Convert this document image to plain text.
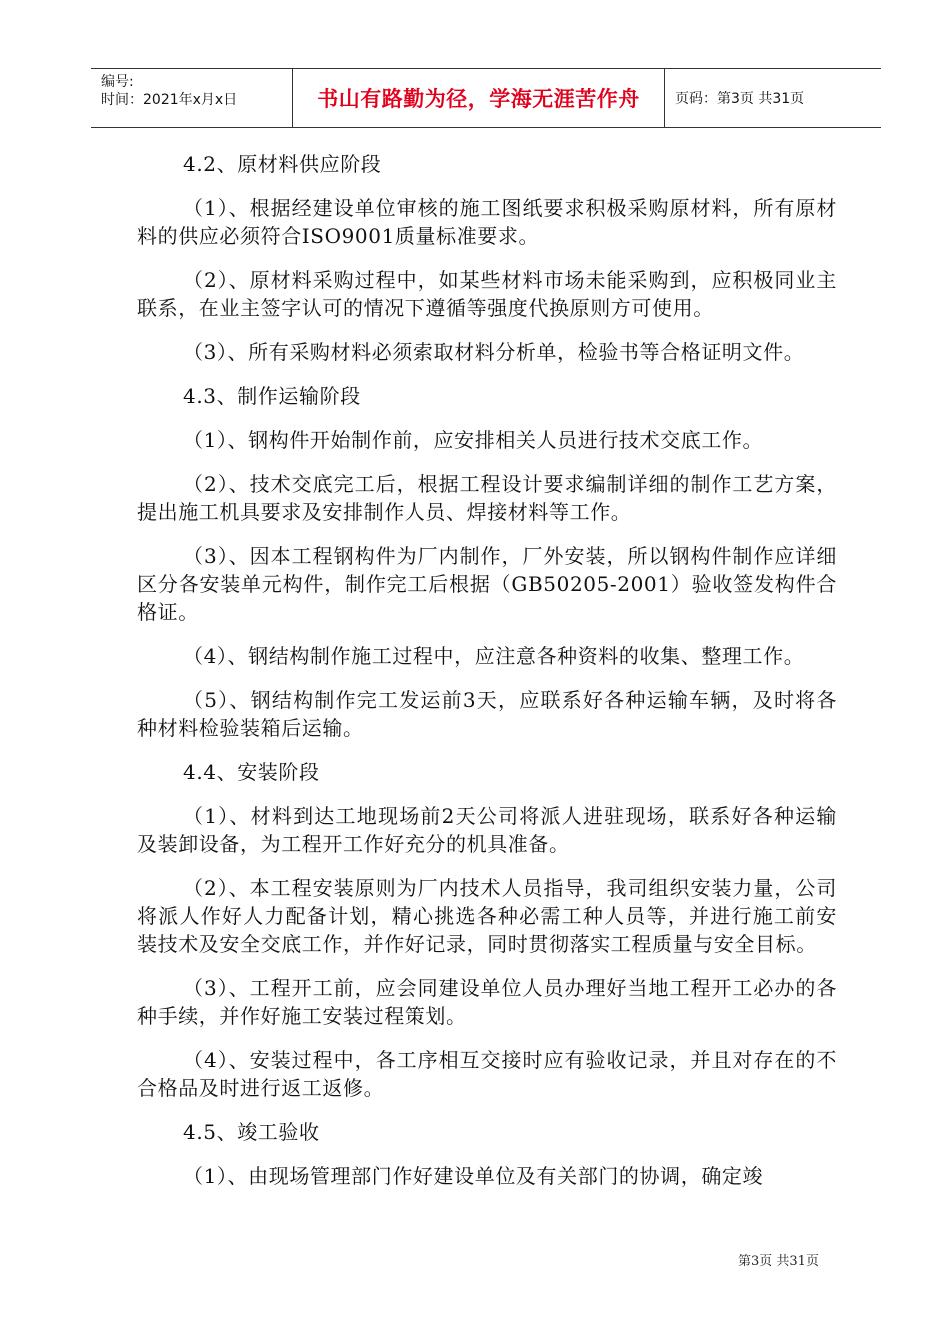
编号:
时间：2021年x月x日	书山有路勤为径，学海无涯苦作舟	页码：第3页 共31页

4.2、原材料供应阶段

（1）、根据经建设单位审核的施工图纸要求积极采购原材料，所有原材料的供应必须符合ISO9001质量标准要求。

（2）、原材料采购过程中，如某些材料市场未能采购到，应积极同业主联系，在业主签字认可的情况下遵循等强度代换原则方可使用。

（3）、所有采购材料必须索取材料分析单，检验书等合格证明文件。

4.3、制作运输阶段

（1）、钢构件开始制作前，应安排相关人员进行技术交底工作。

（2）、技术交底完工后，根据工程设计要求编制详细的制作工艺方案，提出施工机具要求及安排制作人员、焊接材料等工作。

（3）、因本工程钢构件为厂内制作，厂外安装，所以钢构件制作应详细区分各安装单元构件，制作完工后根据（GB50205-2001）验收签发构件合格证。

（4）、钢结构制作施工过程中，应注意各种资料的收集、整理工作。

（5）、钢结构制作完工发运前3天，应联系好各种运输车辆，及时将各种材料检验装箱后运输。

4.4、安装阶段

（1）、材料到达工地现场前2天公司将派人进驻现场，联系好各种运输及装卸设备，为工程开工作好充分的机具准备。

（2）、本工程安装原则为厂内技术人员指导，我司组织安装力量，公司将派人作好人力配备计划，精心挑选各种必需工种人员等，并进行施工前安装技术及安全交底工作，并作好记录，同时贯彻落实工程质量与安全目标。

（3）、工程开工前，应会同建设单位人员办理好当地工程开工必办的各种手续，并作好施工安装过程策划。

（4）、安装过程中，各工序相互交接时应有验收记录，并且对存在的不合格品及时进行返工返修。

4.5、竣工验收

（1）、由现场管理部门作好建设单位及有关部门的协调，确定竣

第3页 共31页
